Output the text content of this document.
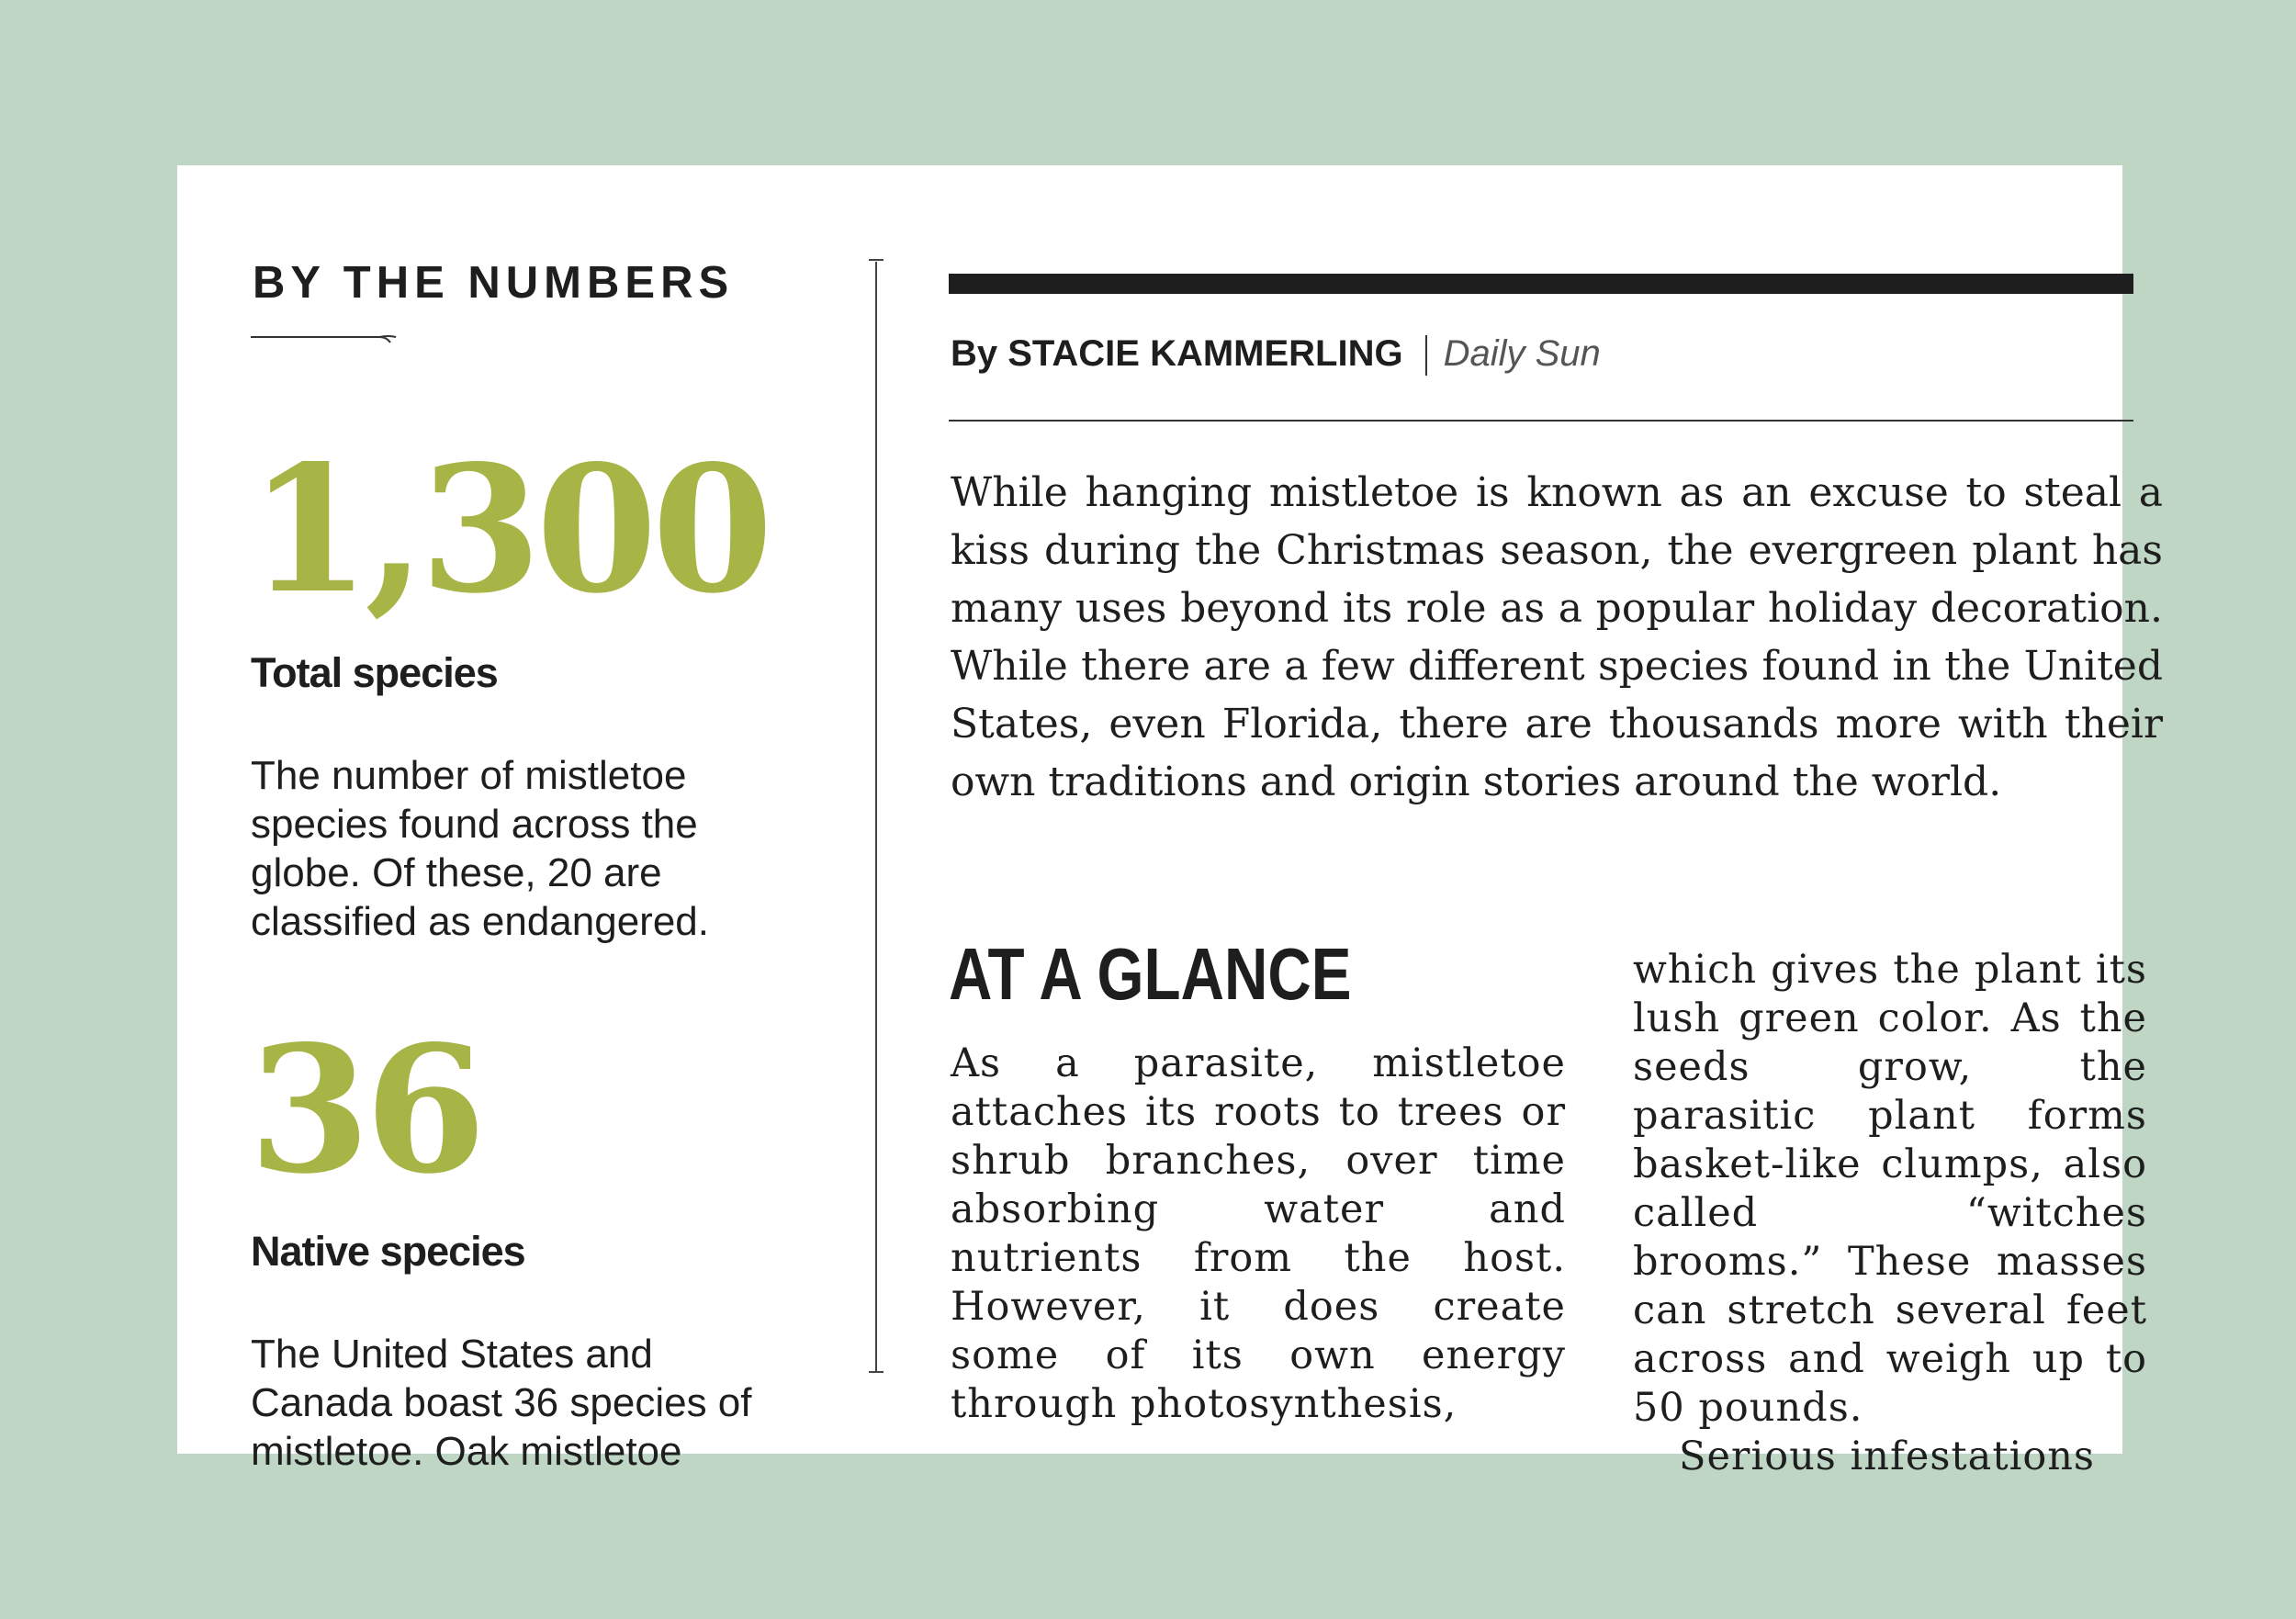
BY THE NUMBERS
1,300
Total species
The number of mistletoe species found across the globe. Of these, 20 are classified as endangered.
36
Native species
The United States and Canada boast 36 species of mistletoe. Oak mistletoe
By STACIE KAMMERLING Daily Sun
While hanging mistletoe is known as an excuse to steal a kiss during the Christmas season, the evergreen plant has many uses beyond its role as a popular holiday decoration. While there are a few different species found in the United States, even Florida, there are thousands more with their own traditions and origin stories around the world.
AT A GLANCE
As a parasite, mistletoe attaches its roots to trees or shrub branches, over time absorbing water and nutrients from the host. However, it does create some of its own energy through photosynthesis,
which gives the plant its lush green color. As the seeds grow, the parasitic plant forms basket-like clumps, also called “witches brooms.” These masses can stretch several feet across and weigh up to 50 pounds.
Serious infestations
